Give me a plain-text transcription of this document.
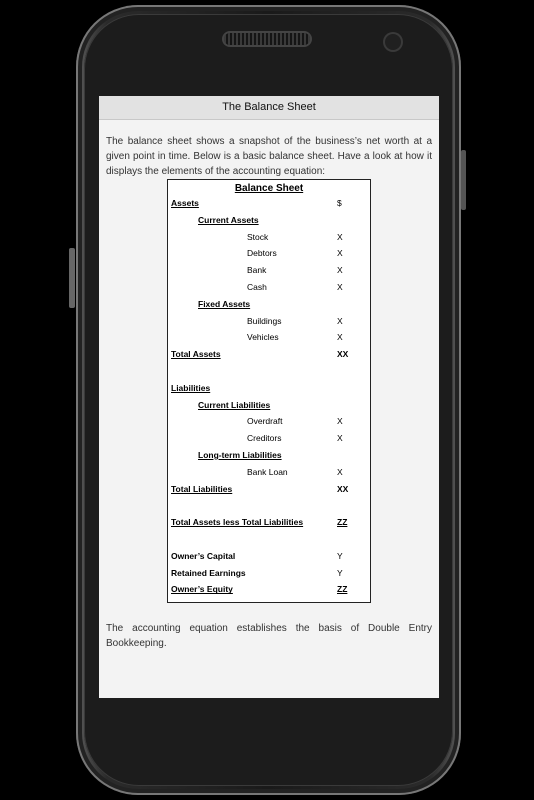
The Balance Sheet
The balance sheet shows a snapshot of the business’s net worth at a given point in time. Below is a basic balance sheet. Have a look at how it displays the elements of the accounting equation:
Balance Sheet
Assets	$
Current Assets
Stock	X
Debtors	X
Bank	X
Cash	X
Fixed Assets
Buildings	X
Vehicles	X
Total Assets	XX
Liabilities
Current Liabilities
Overdraft	X
Creditors	X
Long-term Liabilities
Bank Loan	X
Total Liabilities	XX
Total Assets less Total Liabilities	ZZ
Owner’s Capital	Y
Retained Earnings	Y
Owner’s Equity	ZZ
The accounting equation establishes the basis of Double Entry Bookkeeping.
